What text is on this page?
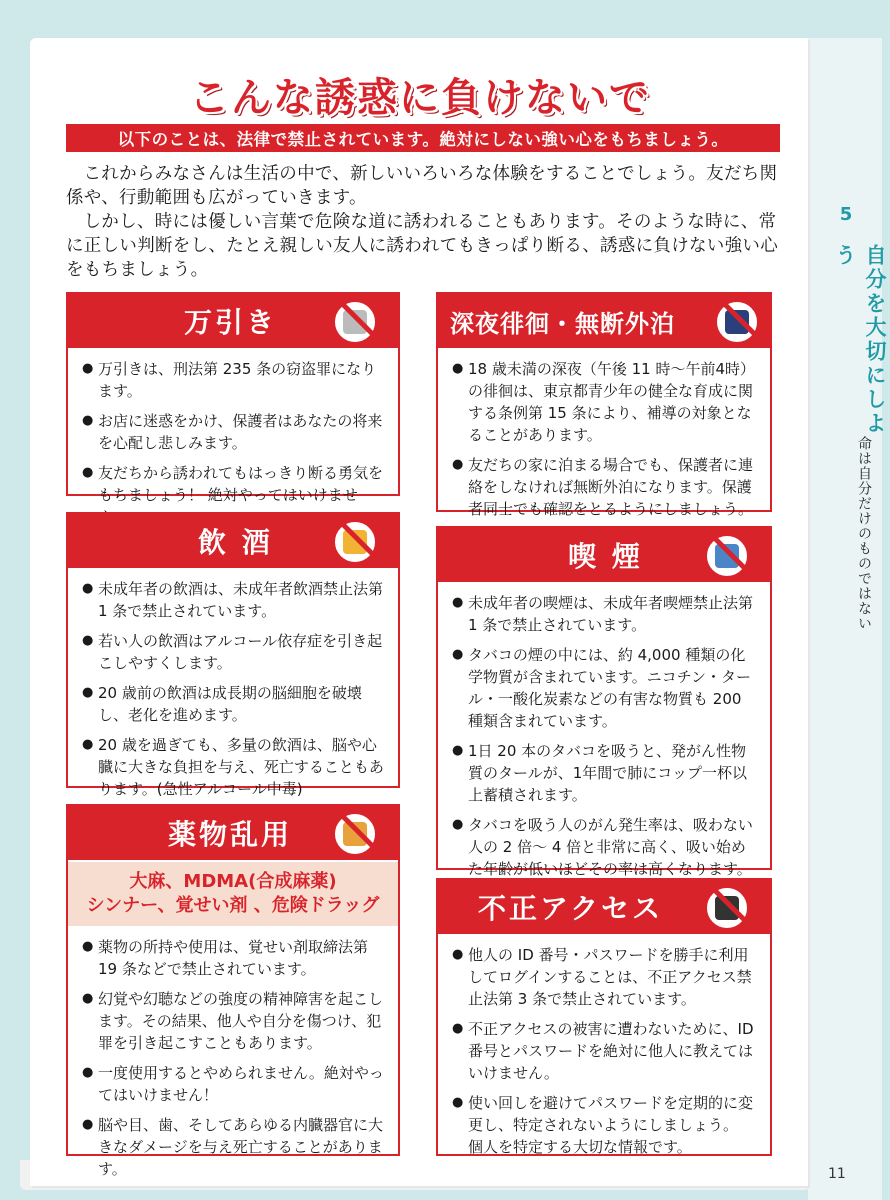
こんな誘惑に負けないで
以下のことは、法律で禁止されています。絶対にしない強い心をもちましょう。

これからみなさんは生活の中で、新しいいろいろな体験をすることでしょう。友だち関係や、行動範囲も広がっていきます。

しかし、時には優しい言葉で危険な道に誘われることもあります。そのような時に、常に正しい判断をし、たとえ親しい友人に誘われてもきっぱり断る、誘惑に負けない強い心をもちましょう。

万引き
● 万引きは、刑法第 235 条の窃盗罪になります。
● お店に迷惑をかけ、保護者はあなたの将来を心配し悲しみます。
● 友だちから誘われてもはっきり断る勇気をもちましょう！ 絶対やってはいけませ
飲 酒
● 未成年者の飲酒は、未成年者飲酒禁止法第 1 条で禁止されています。
● 若い人の飲酒はアルコール依存症を引き起こしやすくします。
● 20 歳前の飲酒は成長期の脳細胞を破壊し、老化を進めます。
● 20 歳を過ぎても、多量の飲酒は、脳や心臓に大きな負担を与え、死亡することもあります。(急性アルコール中毒)
薬物乱用
大麻、MDMA(合成麻薬)
シンナー、覚せい剤 、危険ドラッグ
● 薬物の所持や使用は、覚せい剤取締法第 19 条などで禁止されています。
● 幻覚や幻聴などの強度の精神障害を起こします。その結果、他人や自分を傷つけ、犯罪を引き起こすこともあります。
● 一度使用するとやめられません。絶対やってはいけません！
● 脳や目、歯、そしてあらゆる内臓器官に大きなダメージを与え死亡することがあります。
深夜徘徊・無断外泊
● 18 歳未満の深夜（午後 11 時～午前4時）の徘徊は、東京都青少年の健全な育成に関する条例第 15 条により、補導の対象となることがあります。
● 友だちの家に泊まる場合でも、保護者に連絡をしなければ無断外泊になります。保護者同士でも確認をとるようにしましょう。
喫 煙
● 未成年者の喫煙は、未成年者喫煙禁止法第 1 条で禁止されています。
● タバコの煙の中には、約 4,000 種類の化学物質が含まれています。ニコチン・タール・一酸化炭素などの有害な物質も 200 種類含まれています。
● 1日 20 本のタバコを吸うと、発がん性物質のタールが、1年間で肺にコップ一杯以上蓄積されます。
● タバコを吸う人のがん発生率は、吸わない人の 2 倍～ 4 倍と非常に高く、吸い始めた年齢が低いほどその率は高くなります。
不正アクセス
● 他人の ID 番号・パスワードを勝手に利用してログインすることは、不正アクセス禁止法第 3 条で禁止されています。
● 不正アクセスの被害に遭わないために、ID 番号とパスワードを絶対に他人に教えてはいけません。
● 使い回しを避けてパスワードを定期的に変更し、特定されないようにしましょう。 個人を特定する大切な情報です。
5
自分を大切にしよう
命は自分だけのものではない
11
